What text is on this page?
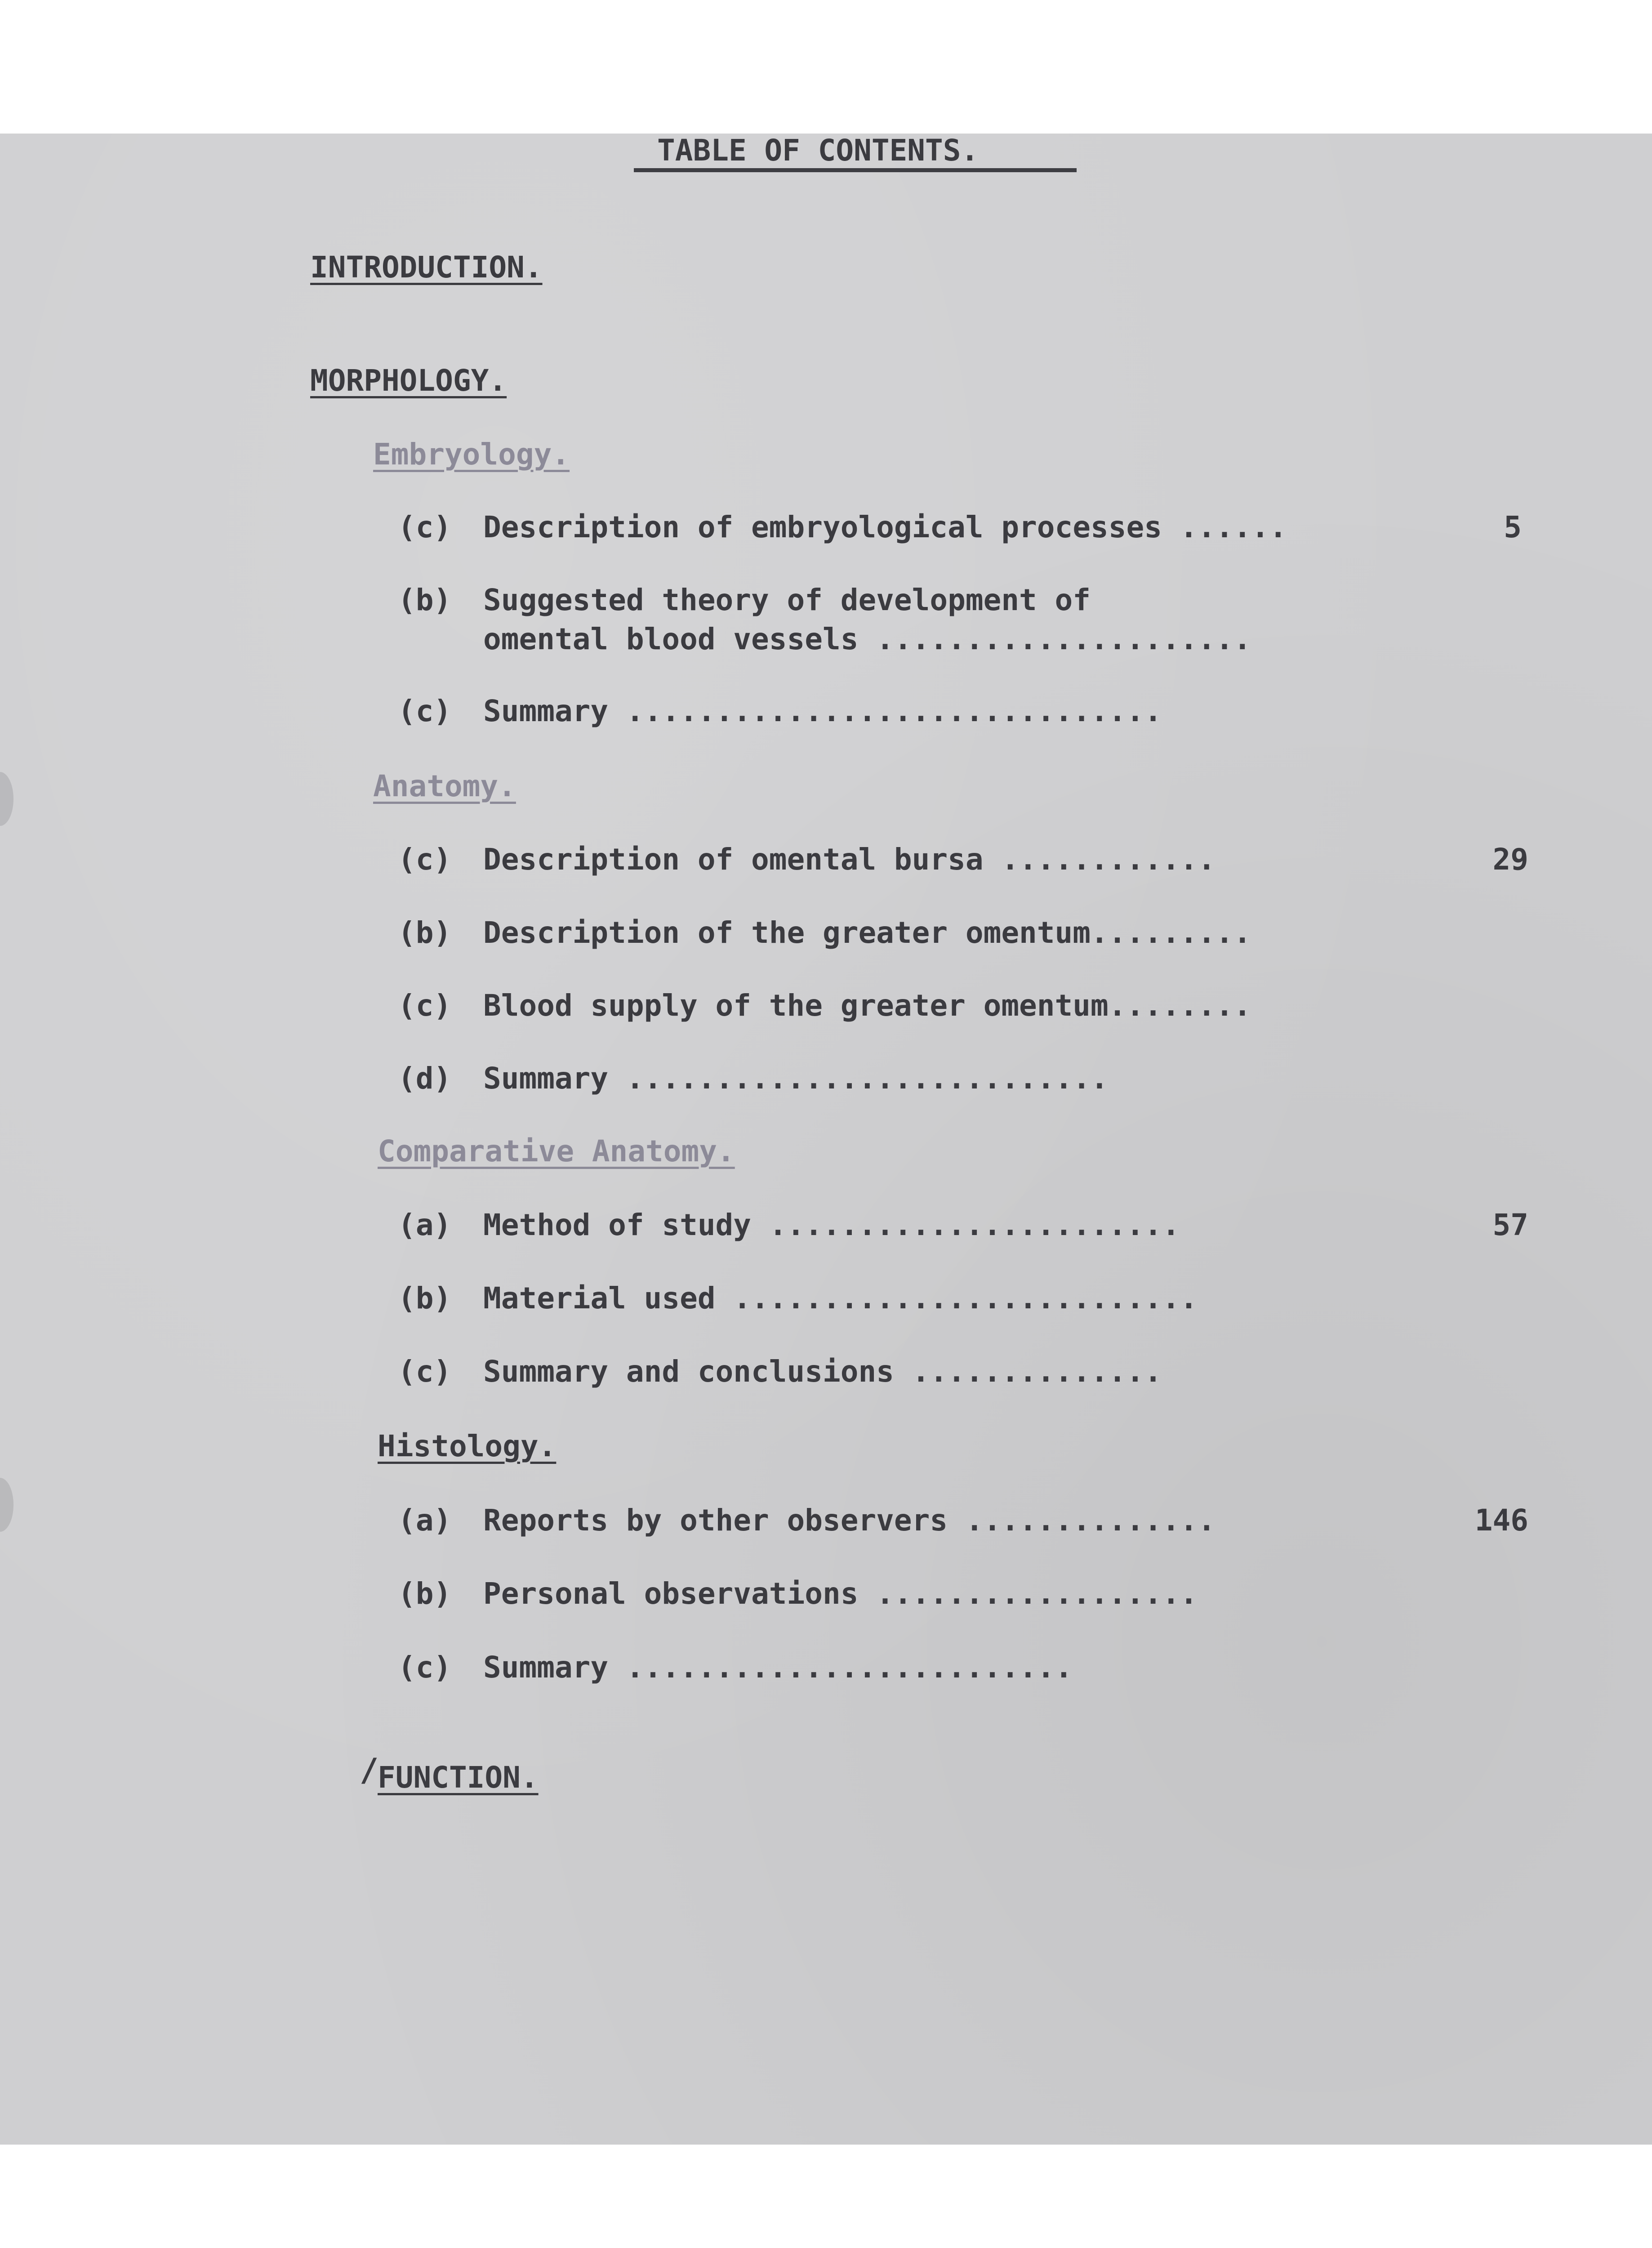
TABLE OF CONTENTS.
INTRODUCTION.
MORPHOLOGY.
Embryology.
(c) Description of embryological processes ......	5
(b) Suggested theory of development of
omental blood vessels .....................
(c) Summary ..............................
Anatomy.
(c) Description of omental bursa ............	29
(b) Description of the greater omentum.........
(c) Blood supply of the greater omentum........
(d) Summary ...........................
Comparative Anatomy.
(a) Method of study .......................	57
(b) Material used ..........................
(c) Summary and conclusions ..............
Histology.
(a) Reports by other observers ..............	146
(b) Personal observations ..................
(c) Summary .........................
/
FUNCTION.
